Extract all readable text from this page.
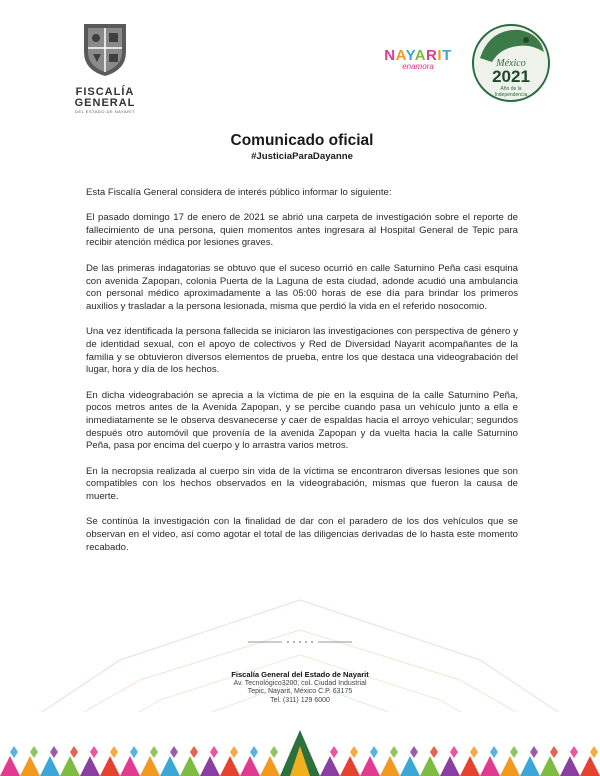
FISCALÍA GENERAL
DEL ESTADO DE NAYARIT
NAYARIT
enamora	México
2021
Año de la
Independencia
Comunicado oficial
#JusticiaParaDayanne

Esta Fiscalía General considera de interés público informar lo siguiente:

El pasado domingo 17 de enero de 2021 se abrió una carpeta de investigación sobre el reporte de fallecimiento de una persona, quien momentos antes ingresara al Hospital General de Tepic para recibir atención médica por lesiones graves.

De las primeras indagatorias se obtuvo que el suceso ocurrió en calle Saturnino Peña casi esquina con avenida Zapopan, colonia Puerta de la Laguna de esta ciudad, adonde acudió una ambulancia con personal médico aproximadamente a las 05:00 horas de ese día para brindar los primeros auxilios y trasladar a la persona lesionada, misma que perdió la vida en el referido nosocomio.

Una vez identificada la persona fallecida se iniciaron las investigaciones con perspectiva de género y de identidad sexual, con el apoyo de colectivos y Red de Diversidad Nayarit acompañantes de la familia y se obtuvieron diversos elementos de prueba, entre los que destaca una videograbación del lugar, hora y día de los hechos.

En dicha videograbación se aprecia a la víctima de pie en la esquina de la calle Saturnino Peña, pocos metros antes de la Avenida Zapopan, y se percibe cuando pasa un vehículo junto a ella e inmediatamente se le observa desvanecerse y caer de espaldas hacia el arroyo vehicular; segundos después otro automóvil que provenía de la avenida Zapopan y da vuelta hacia la calle Saturnino Peña, pasa por encima del cuerpo y lo arrastra varios metros.

En la necropsia realizada al cuerpo sin vida de la víctima se encontraron diversas lesiones que son compatibles con los hechos observados en la videograbación, mismas que fueron la causa de muerte.

Se continúa la investigación con la finalidad de dar con el paradero de los dos vehículos que se observan en el video, así como agotar el total de las diligencias derivadas de lo hasta este momento recabado.

Fiscalía General del Estado de Nayarit
Av. Tecnológico3200, col. Ciudad Industrial
Tepic, Nayarit, México C.P. 63175
Tel. (311) 129 6000
